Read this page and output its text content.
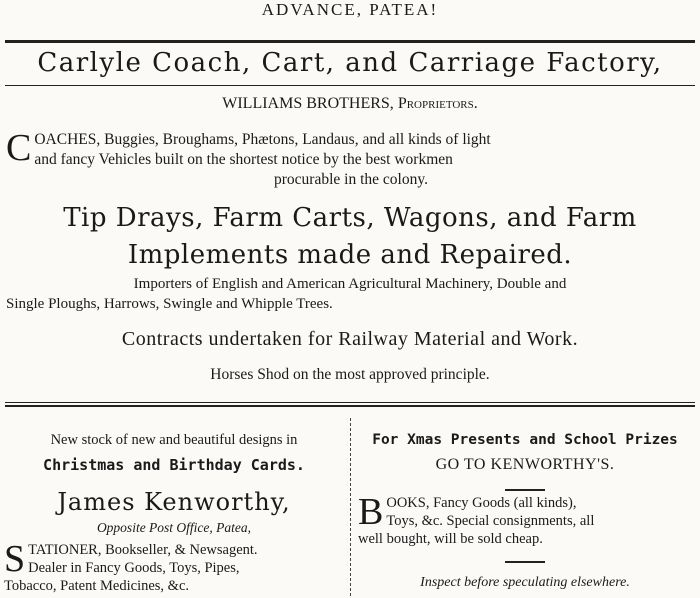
ADVANCE, PATEA!
Carlyle Coach, Cart, and Carriage Factory,
WILLIAMS BROTHERS, Proprietors.
C OACHES, Buggies, Broughams, Phætons, Landaus, and all kinds of light
and fancy Vehicles built on the shortest notice by the best workmen
procurable in the colony.
Tip Drays, Farm Carts, Wagons, and Farm
Implements made and Repaired.
Importers of English and American Agricultural Machinery, Double and
Single Ploughs, Harrows, Swingle and Whipple Trees.
Contracts undertaken for Railway Material and Work.
Horses Shod on the most approved principle.
New stock of new and beautiful designs in
Christmas and Birthday Cards.
James Kenworthy,
Opposite Post Office, Patea,
S TATIONER, Bookseller, & Newsagent.
Dealer in Fancy Goods, Toys, Pipes,
Tobacco, Patent Medicines, &c.
For Xmas Presents and School Prizes
GO TO KENWORTHY'S.
B OOKS, Fancy Goods (all kinds),
Toys, &c. Special consignments, all
well bought, will be sold cheap.
Inspect before speculating elsewhere.
